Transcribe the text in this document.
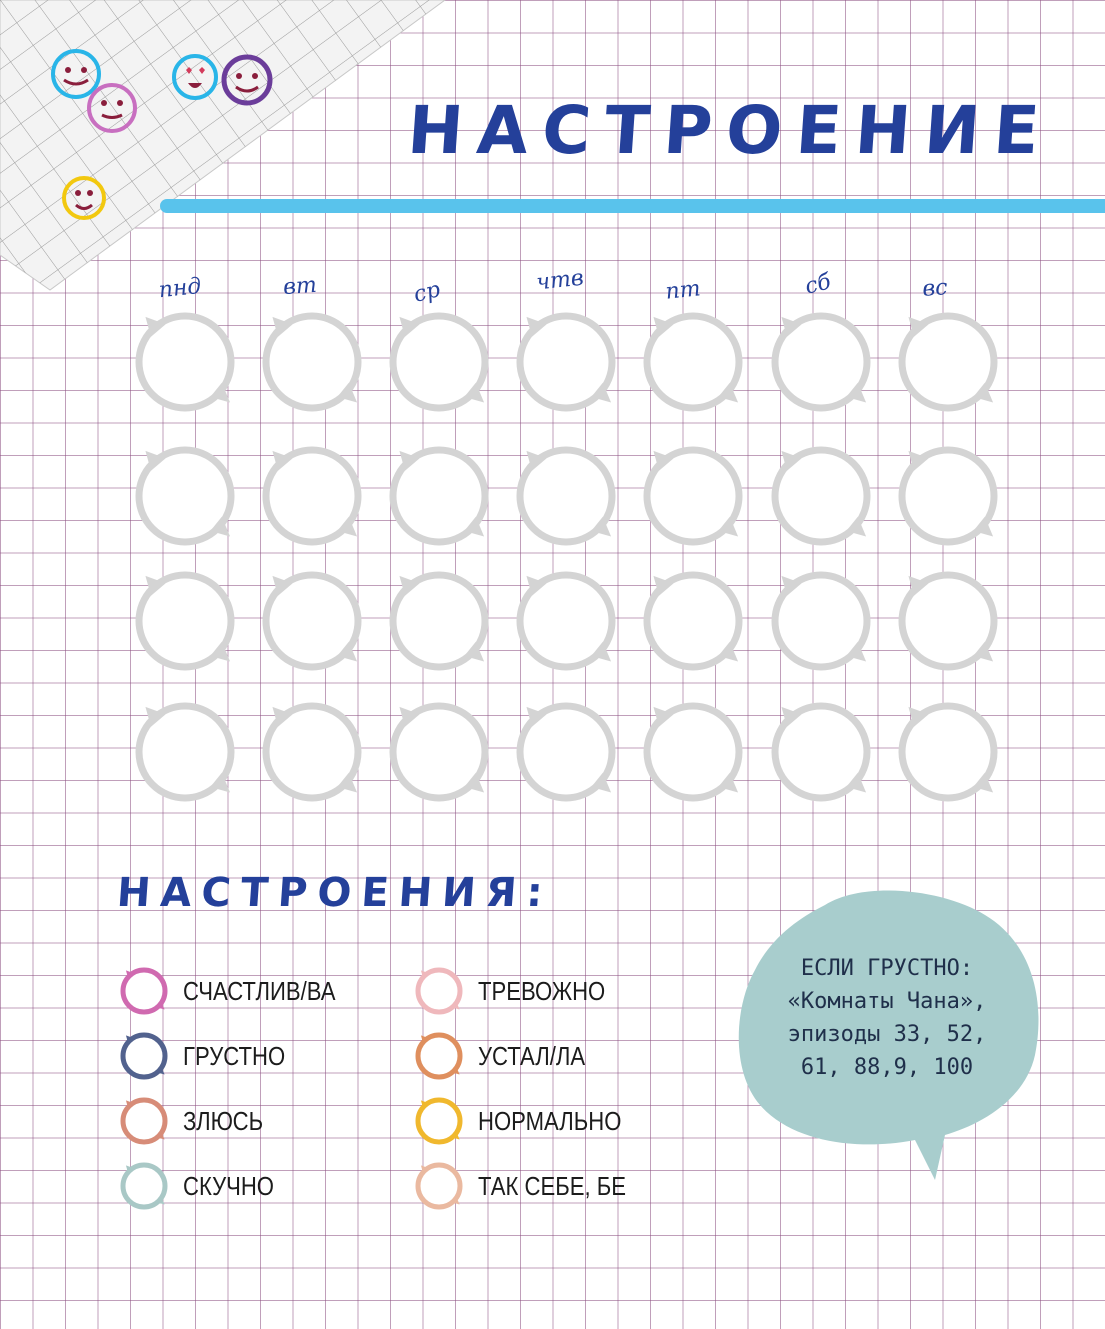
НАСТРОЕНИЕ
пнд	вт	ср	чтв	пт	сб	вс
НАСТРОЕНИЯ:
СЧАСТЛИВ/ВА
ГРУСТНО
ЗЛЮСЬ
СКУЧНО
ТРЕВОЖНО
УСТАЛ/ЛА
НОРМАЛЬНО
ТАК СЕБЕ, БЕ
ЕСЛИ ГРУСТНО:
«Комнаты Чана»,
эпизоды 33, 52,
61, 88,9, 100
